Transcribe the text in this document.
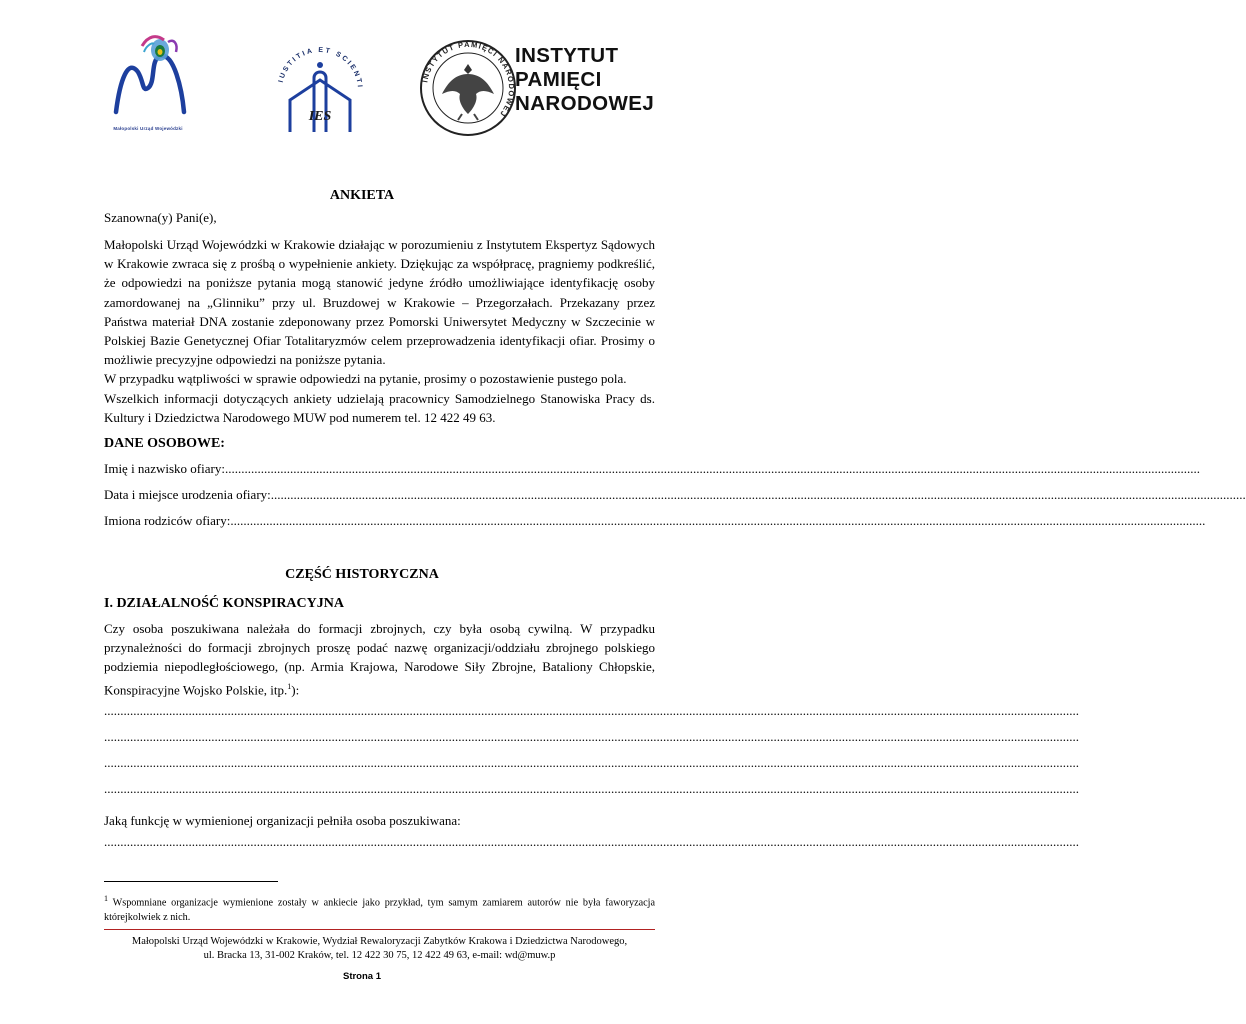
Małopolski Urząd Wojewódzki
IUSTITIA ET SCIENTI
IES
INSTYTUT PAMIĘCI NARODOWEJ
INSTYTUT
PAMIĘCI
NARODOWEJ
ANKIETA
Szanowna(y) Pani(e),
Małopolski Urząd Wojewódzki w Krakowie działając w porozumieniu z Instytutem Ekspertyz Sądowych w Krakowie zwraca się z prośbą o wypełnienie ankiety. Dziękując za współpracę, pragniemy podkreślić, że odpowiedzi na poniższe pytania mogą stanowić jedyne źródło umożliwiające identyfikację osoby zamordowanej na „Glinniku” przy ul. Bruzdowej w Krakowie – Przegorzałach. Przekazany przez Państwa materiał DNA zostanie zdeponowany przez Pomorski Uniwersytet Medyczny w Szczecinie w Polskiej Bazie Genetycznej Ofiar Totalitaryzmów celem przeprowadzenia identyfikacji ofiar. Prosimy o możliwie precyzyjne odpowiedzi na poniższe pytania.
W przypadku wątpliwości w sprawie odpowiedzi na pytanie, prosimy o pozostawienie pustego pola.
Wszelkich informacji dotyczących ankiety udzielają pracownicy Samodzielnego Stanowiska Pracy ds. Kultury i Dziedzictwa Narodowego MUW pod numerem tel. 12 422 49 63.
DANE OSOBOWE:
Imię i nazwisko ofiary:............................................................................................................................................................................................................................................................................................................
Data i miejsce urodzenia ofiary:............................................................................................................................................................................................................................................................................................................
Imiona rodziców ofiary:............................................................................................................................................................................................................................................................................................................
CZĘŚĆ HISTORYCZNA
I. DZIAŁALNOŚĆ KONSPIRACYJNA
Czy osoba poszukiwana należała do formacji zbrojnych, czy była osobą cywilną. W przypadku przynależności do formacji zbrojnych proszę podać nazwę organizacji/oddziału zbrojnego polskiego podziemia niepodległościowego, (np. Armia Krajowa, Narodowe Siły Zbrojne, Bataliony Chłopskie, Konspiracyjne Wojsko Polskie, itp.$^1$):
............................................................................................................................................................................................................................................................................................................
............................................................................................................................................................................................................................................................................................................
............................................................................................................................................................................................................................................................................................................
............................................................................................................................................................................................................................................................................................................
Jaką funkcję w wymienionej organizacji pełniła osoba poszukiwana:
............................................................................................................................................................................................................................................................................................................
$^1$ Wspomniane organizacje wymienione zostały w ankiecie jako przykład, tym samym zamiarem autorów nie była faworyzacja którejkolwiek z nich.
Małopolski Urząd Wojewódzki w Krakowie, Wydział Rewaloryzacji Zabytków Krakowa i Dziedzictwa Narodowego,
ul. Bracka 13, 31-002 Kraków, tel. 12 422 30 75, 12 422 49 63, e-mail: wd@muw.p
Strona 1
